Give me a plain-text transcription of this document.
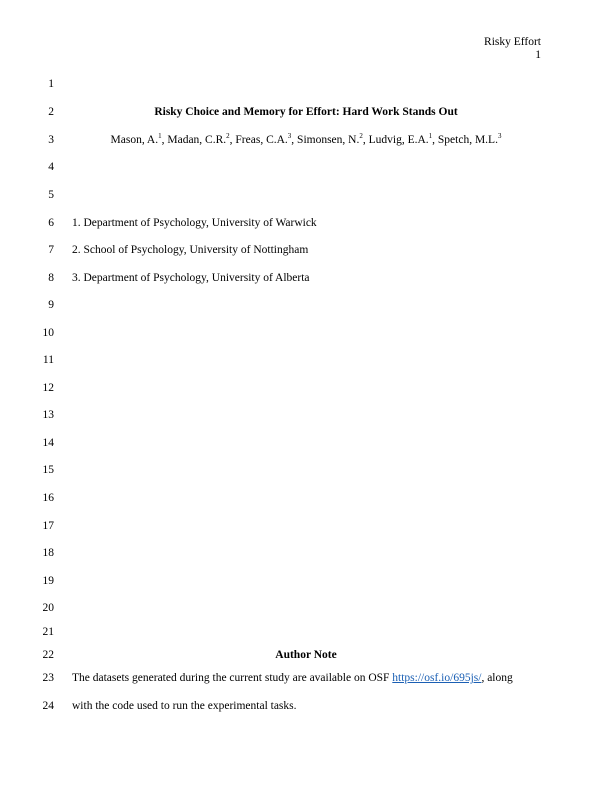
Risky Effort
1
1
2	Risky Choice and Memory for Effort: Hard Work Stands Out
3	Mason, A.$^1$, Madan, C.R.$^2$, Freas, C.A.$^3$, Simonsen, N.$^2$, Ludvig, E.A.$^1$, Spetch, M.L.$^3$
4
5
6 1. Department of Psychology, University of Warwick
7 2. School of Psychology, University of Nottingham
8 3. Department of Psychology, University of Alberta
9
10
11
12
13
14
15
16
17
18
19
20
21
22	Author Note
23 The datasets generated during the current study are available on OSF https://osf.io/695js/, along
24 with the code used to run the experimental tasks.
